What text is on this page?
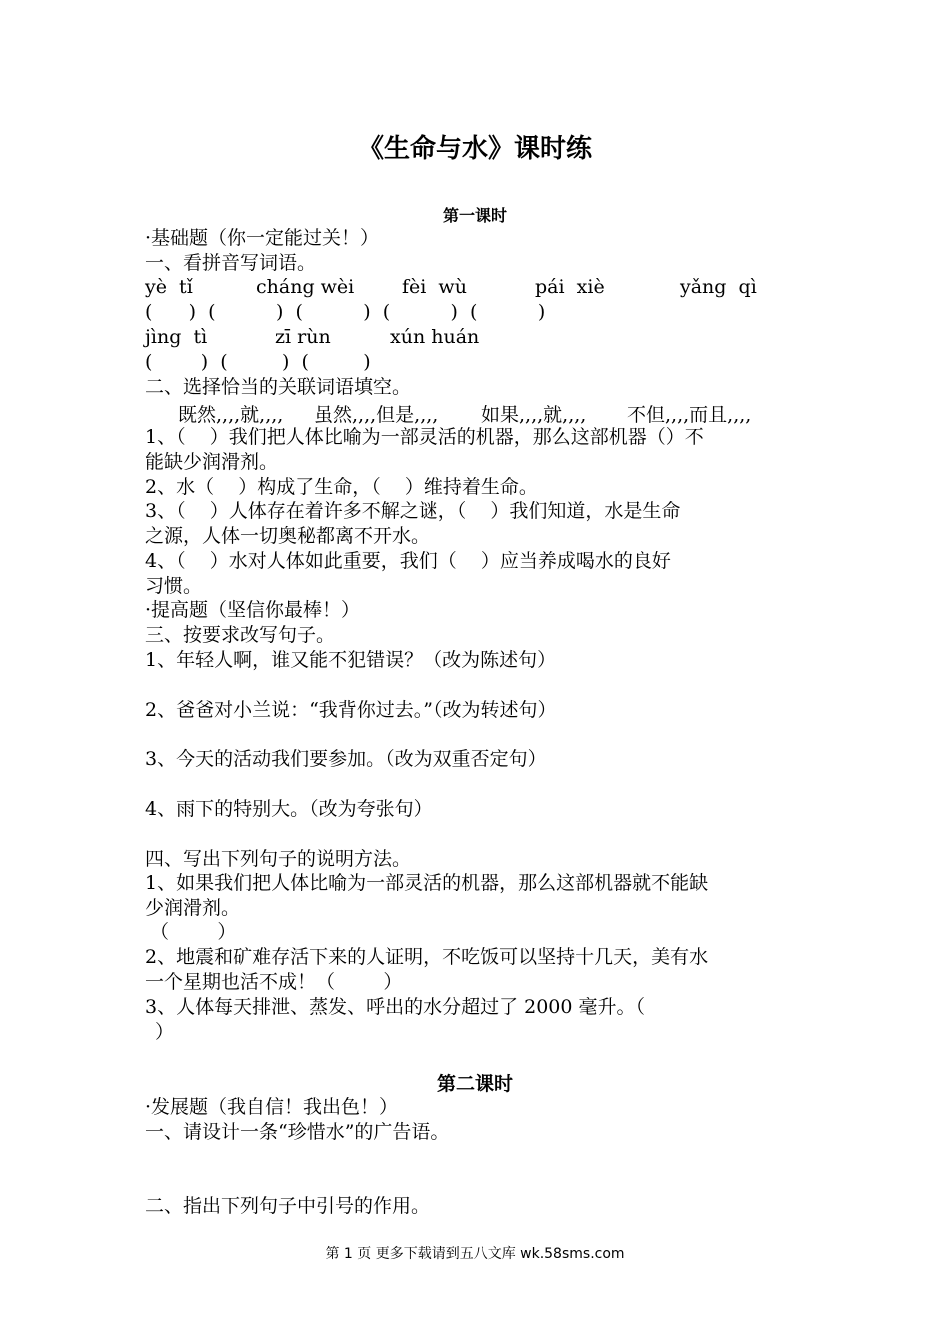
《生命与水》课时练
第一课时
·基础题（你一定能过关！）
一、看拼音写词语。
yè  tǐ	cháng wèi	fèi  wù	pái  xiè	yǎng  qì
(      )  (          )  (          )  (          )  (          )
jìng  tì	zī rùn	xún huán
(        )  (         )  (         )
二、选择恰当的关联词语填空。
既然,,,,就,,,, 虽然,,,,但是,,,, 如果,,,,就,,,, 不但,,,,而且,,,,
1、（    ）我们把人体比喻为一部灵活的机器，那么这部机器（）不
能缺少润滑剂。
2、水（    ）构成了生命，（    ）维持着生命。
3、（    ）人体存在着许多不解之谜，（    ）我们知道，水是生命
之源，人体一切奥秘都离不开水。
4、（    ）水对人体如此重要，我们（    ）应当养成喝水的良好
习惯。
·提高题（坚信你最棒！）
三、按要求改写句子。
1、年轻人啊，谁又能不犯错误？（改为陈述句）
2、爸爸对小兰说：“我背你过去。”（改为转述句）
3、今天的活动我们要参加。（改为双重否定句）
4、雨下的特别大。（改为夸张句）
四、写出下列句子的说明方法。
1、如果我们把人体比喻为一部灵活的机器，那么这部机器就不能缺
少润滑剂。
（        ）
2、地震和矿难存活下来的人证明，不吃饭可以坚持十几天，美有水
一个星期也活不成！（        ）
3、人体每天排泄、蒸发、呼出的水分超过了 2000 毫升。（
）
第二课时
·发展题（我自信！我出色！）
一、请设计一条“珍惜水”的广告语。
二、指出下列句子中引号的作用。
第 1 页 更多下载请到五八文库 wk.58sms.com
